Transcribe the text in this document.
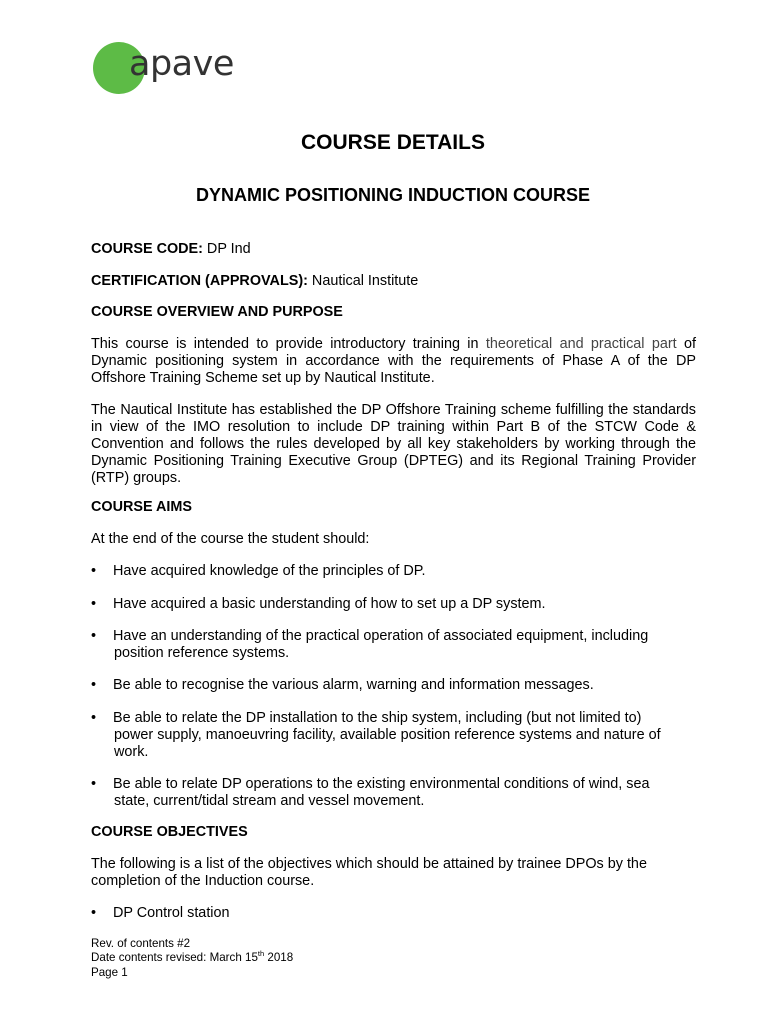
apave
COURSE DETAILS
DYNAMIC POSITIONING INDUCTION COURSE

COURSE CODE: DP Ind

CERTIFICATION (APPROVALS): Nautical Institute

COURSE OVERVIEW AND PURPOSE

This course is intended to provide introductory training in theoretical and practical part of Dynamic positioning system in accordance with the requirements of Phase A of the DP Offshore Training Scheme set up by Nautical Institute.

The Nautical Institute has established the DP Offshore Training scheme fulfilling the standards in view of the IMO resolution to include DP training within Part B of the STCW Code & Convention and follows the rules developed by all key stakeholders by working through the Dynamic Positioning Training Executive Group (DPTEG) and its Regional Training Provider (RTP) groups.

COURSE AIMS

At the end of the course the student should:

•	Have acquired knowledge of the principles of DP.
•	Have acquired a basic understanding of how to set up a DP system.
•	Have an understanding of the practical operation of associated equipment, including
position reference systems.
•	Be able to recognise the various alarm, warning and information messages.
•	Be able to relate the DP installation to the ship system, including (but not limited to)
power supply, manoeuvring facility, available position reference systems and nature of work.
•	Be able to relate DP operations to the existing environmental conditions of wind, sea
state, current/tidal stream and vessel movement.

COURSE OBJECTIVES

The following is a list of the objectives which should be attained by trainee DPOs by the completion of the Induction course.

•	DP Control station
Rev. of contents #2
Date contents revised: March 15th 2018
Page 1
